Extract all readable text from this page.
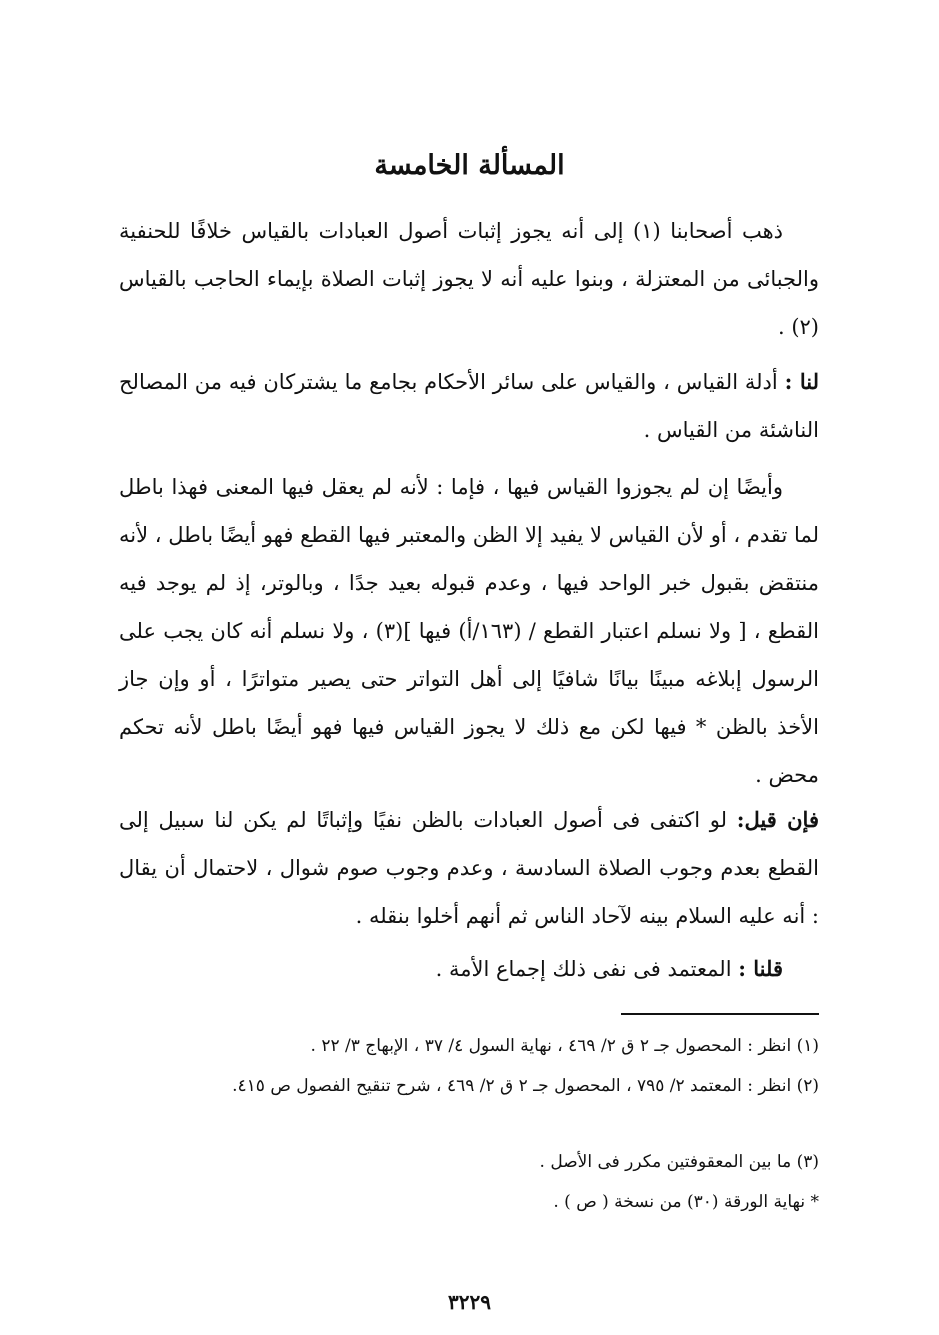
المسألة الخامسة

ذهب أصحابنا (١) إلى أنه يجوز إثبات أصول العبادات بالقياس خلافًا للحنفية والجبائى من المعتزلة ، وبنوا عليه أنه لا يجوز إثبات الصلاة بإيماء الحاجب بالقياس (٢) .

لنا : أدلة القياس ، والقياس على سائر الأحكام بجامع ما يشتركان فيه من المصالح الناشئة من القياس .

وأيضًا إن لم يجوزوا القياس فيها ، فإما : لأنه لم يعقل فيها المعنى فهذا باطل لما تقدم ، أو لأن القياس لا يفيد إلا الظن والمعتبر فيها القطع فهو أيضًا باطل ، لأنه منتقض بقبول خبر الواحد فيها ، وعدم قبوله بعيد جدًا ، وبالوتر، إذ لم يوجد فيه القطع ، [ ولا نسلم اعتبار القطع / (١٦٣/أ) فيها ](٣) ، ولا نسلم أنه كان يجب على الرسول إبلاغه مبينًا بيانًا شافيًا إلى أهل التواتر حتى يصير متواترًا ، أو وإن جاز الأخذ بالظن * فيها لكن مع ذلك لا يجوز القياس فيها فهو أيضًا باطل لأنه تحكم محض .

فإن قيل: لو اكتفى فى أصول العبادات بالظن نفيًا وإثباتًا لم يكن لنا سبيل إلى القطع بعدم وجوب الصلاة السادسة ، وعدم وجوب صوم شوال ، لاحتمال أن يقال : أنه عليه السلام بينه لآحاد الناس ثم أنهم أخلوا بنقله .

قلنا : المعتمد فى نفى ذلك إجماع الأمة .

(١) انظر : المحصول جـ ٢ ق ٢/ ٤٦٩ ، نهاية السول ٤/ ٣٧ ، الإبهاج ٣/ ٢٢ .

(٢) انظر : المعتمد ٢/ ٧٩٥ ، المحصول جـ ٢ ق ٢/ ٤٦٩ ، شرح تنقيح الفصول ص ٤١٥.

(٣) ما بين المعقوفتين مكرر فى الأصل .

* نهاية الورقة (٣٠) من نسخة ( ص ) .

٣٢٢٩
